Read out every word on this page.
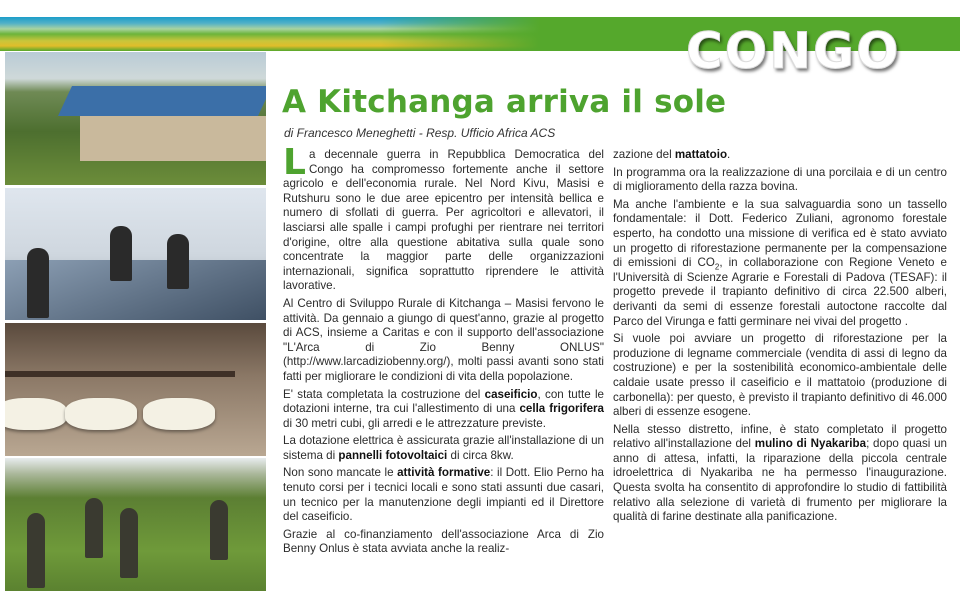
CONGO
A Kitchanga arriva il sole
di Francesco Meneghetti - Resp. Ufficio Africa ACS

La decennale guerra in Repubblica Democratica del Congo ha compromesso fortemente anche il settore agricolo e dell'economia rurale. Nel Nord Kivu, Masisi e Rutshuru sono le due aree epicentro per intensità bellica e numero di sfollati di guerra. Per agricoltori e allevatori, il lasciarsi alle spalle i campi profughi per rientrare nei territori d'origine, oltre alla questione abitativa sulla quale sono concentrate la maggior parte delle organizzazioni internazionali, significa soprattutto riprendere le attività lavorative.

Al Centro di Sviluppo Rurale di Kitchanga – Masisi fervono le attività. Da gennaio a giungo di quest'anno, grazie al progetto di ACS, insieme a Caritas e con il supporto dell'associazione "L'Arca di Zio Benny ONLUS" (http://www.larcadiziobenny.org/), molti passi avanti sono stati fatti per migliorare le condizioni di vita della popolazione.

E' stata completata la costruzione del caseificio, con tutte le dotazioni interne, tra cui l'allestimento di una cella frigorifera di 30 metri cubi, gli arredi e le attrezzature previste.

La dotazione elettrica è assicurata grazie all'installazione di un sistema di pannelli fotovoltaici di circa 8kw.

Non sono mancate le attività formative: il Dott. Elio Perno ha tenuto corsi per i tecnici locali e sono stati assunti due casari, un tecnico per la manutenzione degli impianti ed il Direttore del caseificio.

Grazie al co-finanziamento dell'associazione Arca di Zio Benny Onlus è stata avviata anche la realiz-

zazione del mattatoio.

In programma ora la realizzazione di una porcilaia e di un centro di miglioramento della razza bovina.

Ma anche l'ambiente e la sua salvaguardia sono un tassello fondamentale: il Dott. Federico Zuliani, agronomo forestale esperto, ha condotto una missione di verifica ed è stato avviato un progetto di riforestazione permanente per la compensazione di emissioni di $CO_2$, in collaborazione con Regione Veneto e l'Università di Scienze Agrarie e Forestali di Padova (TESAF): il progetto prevede il trapianto definitivo di circa 22.500 alberi, derivanti da semi di essenze forestali autoctone raccolte dal Parco del Virunga e fatti germinare nei vivai del progetto .

Si vuole poi avviare un progetto di riforestazione per la produzione di legname commerciale (vendita di assi di legno da costruzione) e per la sostenibilità economico-ambientale delle caldaie usate presso il caseificio e il mattatoio (produzione di carbonella): per questo, è previsto il trapianto definitivo di 46.000 alberi di essenze esogene.

Nella stesso distretto, infine, è stato completato il progetto relativo all'installazione del mulino di Nyakariba; dopo quasi un anno di attesa, infatti, la riparazione della piccola centrale idroelettrica di Nyakariba ne ha permesso l'inaugurazione. Questa svolta ha consentito di approfondire lo studio di fattibilità relativo alla selezione di varietà di frumento per migliorare la qualità di farine destinate alla panificazione.
